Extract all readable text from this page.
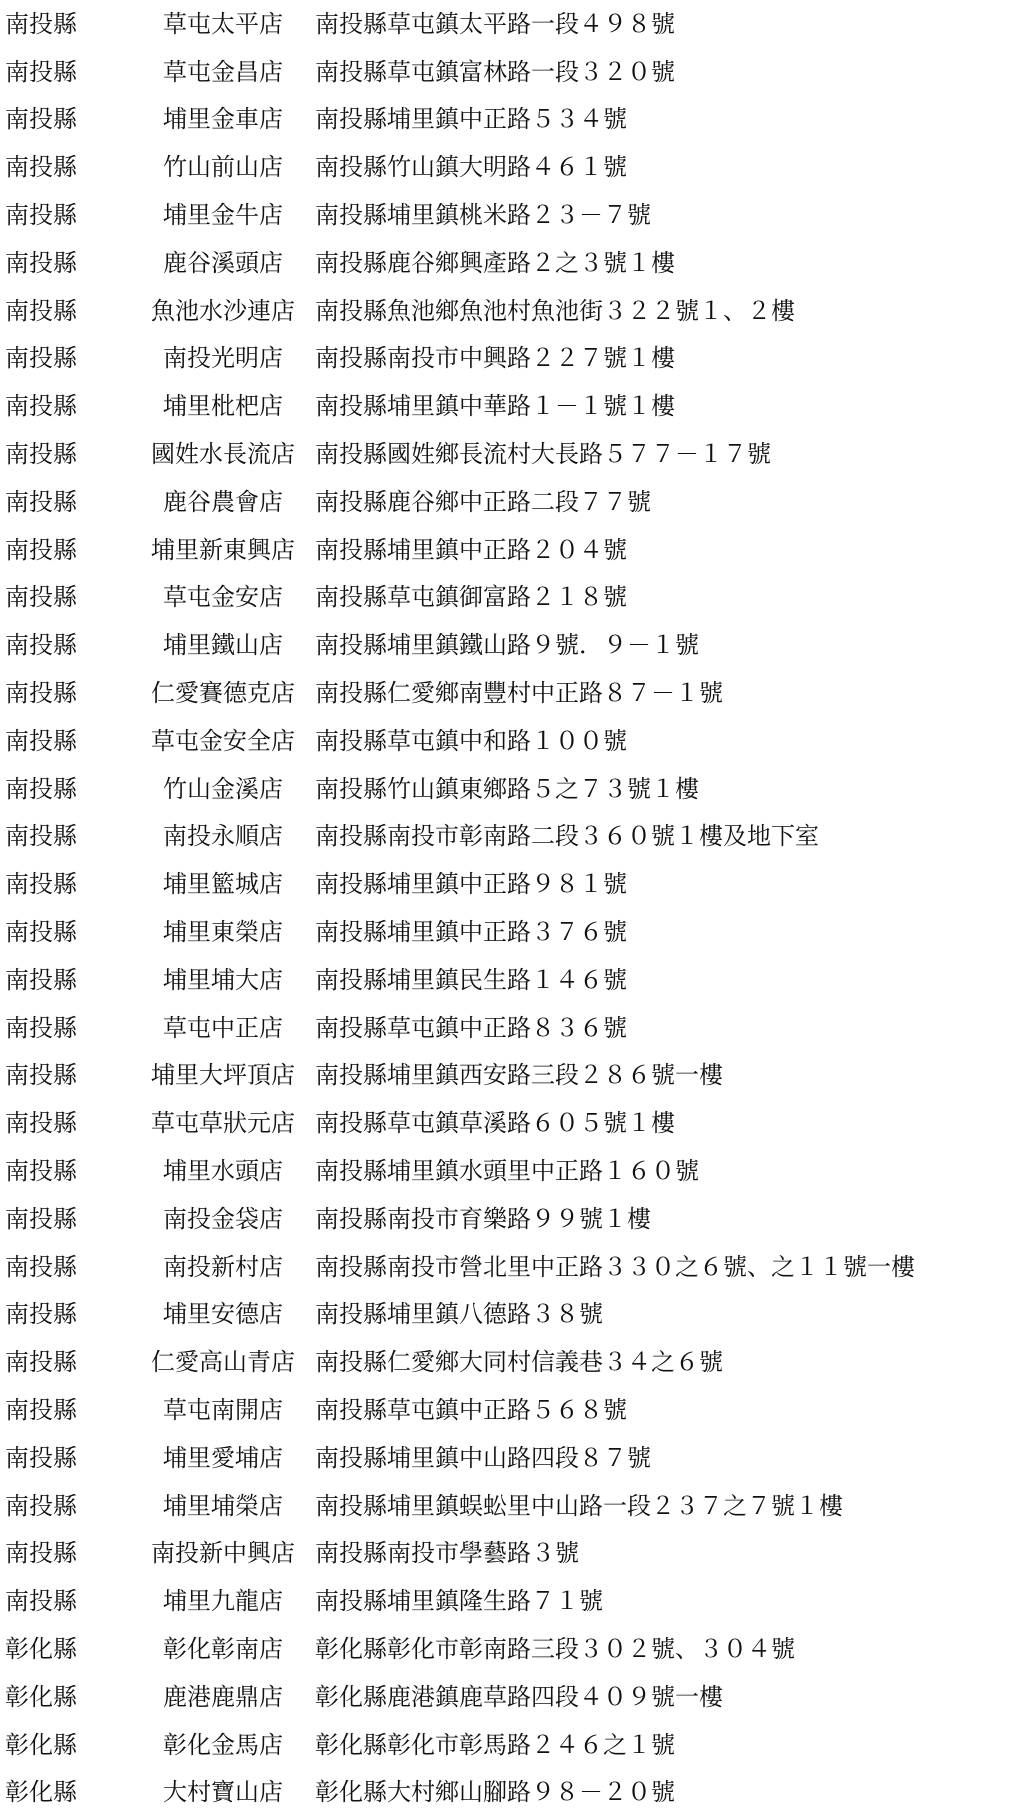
南投縣	草屯太平店	南投縣草屯鎮太平路一段４９８號
南投縣	草屯金昌店	南投縣草屯鎮富林路一段３２０號
南投縣	埔里金車店	南投縣埔里鎮中正路５３４號
南投縣	竹山前山店	南投縣竹山鎮大明路４６１號
南投縣	埔里金牛店	南投縣埔里鎮桃米路２３－７號
南投縣	鹿谷溪頭店	南投縣鹿谷鄉興產路２之３號１樓
南投縣	魚池水沙連店 南投縣魚池鄉魚池村魚池街３２２號１、２樓
南投縣	南投光明店	南投縣南投市中興路２２７號１樓
南投縣	埔里枇杷店	南投縣埔里鎮中華路１－１號１樓
南投縣	國姓水長流店 南投縣國姓鄉長流村大長路５７７－１７號
南投縣	鹿谷農會店	南投縣鹿谷鄉中正路二段７７號
南投縣	埔里新東興店 南投縣埔里鎮中正路２０４號
南投縣	草屯金安店	南投縣草屯鎮御富路２１８號
南投縣	埔里鐵山店	南投縣埔里鎮鐵山路９號．９－１號
南投縣	仁愛賽德克店 南投縣仁愛鄉南豐村中正路８７－１號
南投縣	草屯金安全店 南投縣草屯鎮中和路１００號
南投縣	竹山金溪店	南投縣竹山鎮東鄉路５之７３號１樓
南投縣	南投永順店	南投縣南投市彰南路二段３６０號１樓及地下室
南投縣	埔里籃城店	南投縣埔里鎮中正路９８１號
南投縣	埔里東榮店	南投縣埔里鎮中正路３７６號
南投縣	埔里埔大店	南投縣埔里鎮民生路１４６號
南投縣	草屯中正店	南投縣草屯鎮中正路８３６號
南投縣	埔里大坪頂店 南投縣埔里鎮西安路三段２８６號一樓
南投縣	草屯草狀元店 南投縣草屯鎮草溪路６０５號１樓
南投縣	埔里水頭店	南投縣埔里鎮水頭里中正路１６０號
南投縣	南投金袋店	南投縣南投市育樂路９９號１樓
南投縣	南投新村店	南投縣南投市營北里中正路３３０之６號、之１１號一樓
南投縣	埔里安德店	南投縣埔里鎮八德路３８號
南投縣	仁愛高山青店 南投縣仁愛鄉大同村信義巷３４之６號
南投縣	草屯南開店	南投縣草屯鎮中正路５６８號
南投縣	埔里愛埔店	南投縣埔里鎮中山路四段８７號
南投縣	埔里埔榮店	南投縣埔里鎮蜈蚣里中山路一段２３７之７號１樓
南投縣	南投新中興店 南投縣南投市學藝路３號
南投縣	埔里九龍店	南投縣埔里鎮隆生路７１號
彰化縣	彰化彰南店	彰化縣彰化市彰南路三段３０２號、３０４號
彰化縣	鹿港鹿鼎店	彰化縣鹿港鎮鹿草路四段４０９號一樓
彰化縣	彰化金馬店	彰化縣彰化市彰馬路２４６之１號
彰化縣	大村寶山店	彰化縣大村鄉山腳路９８－２０號
